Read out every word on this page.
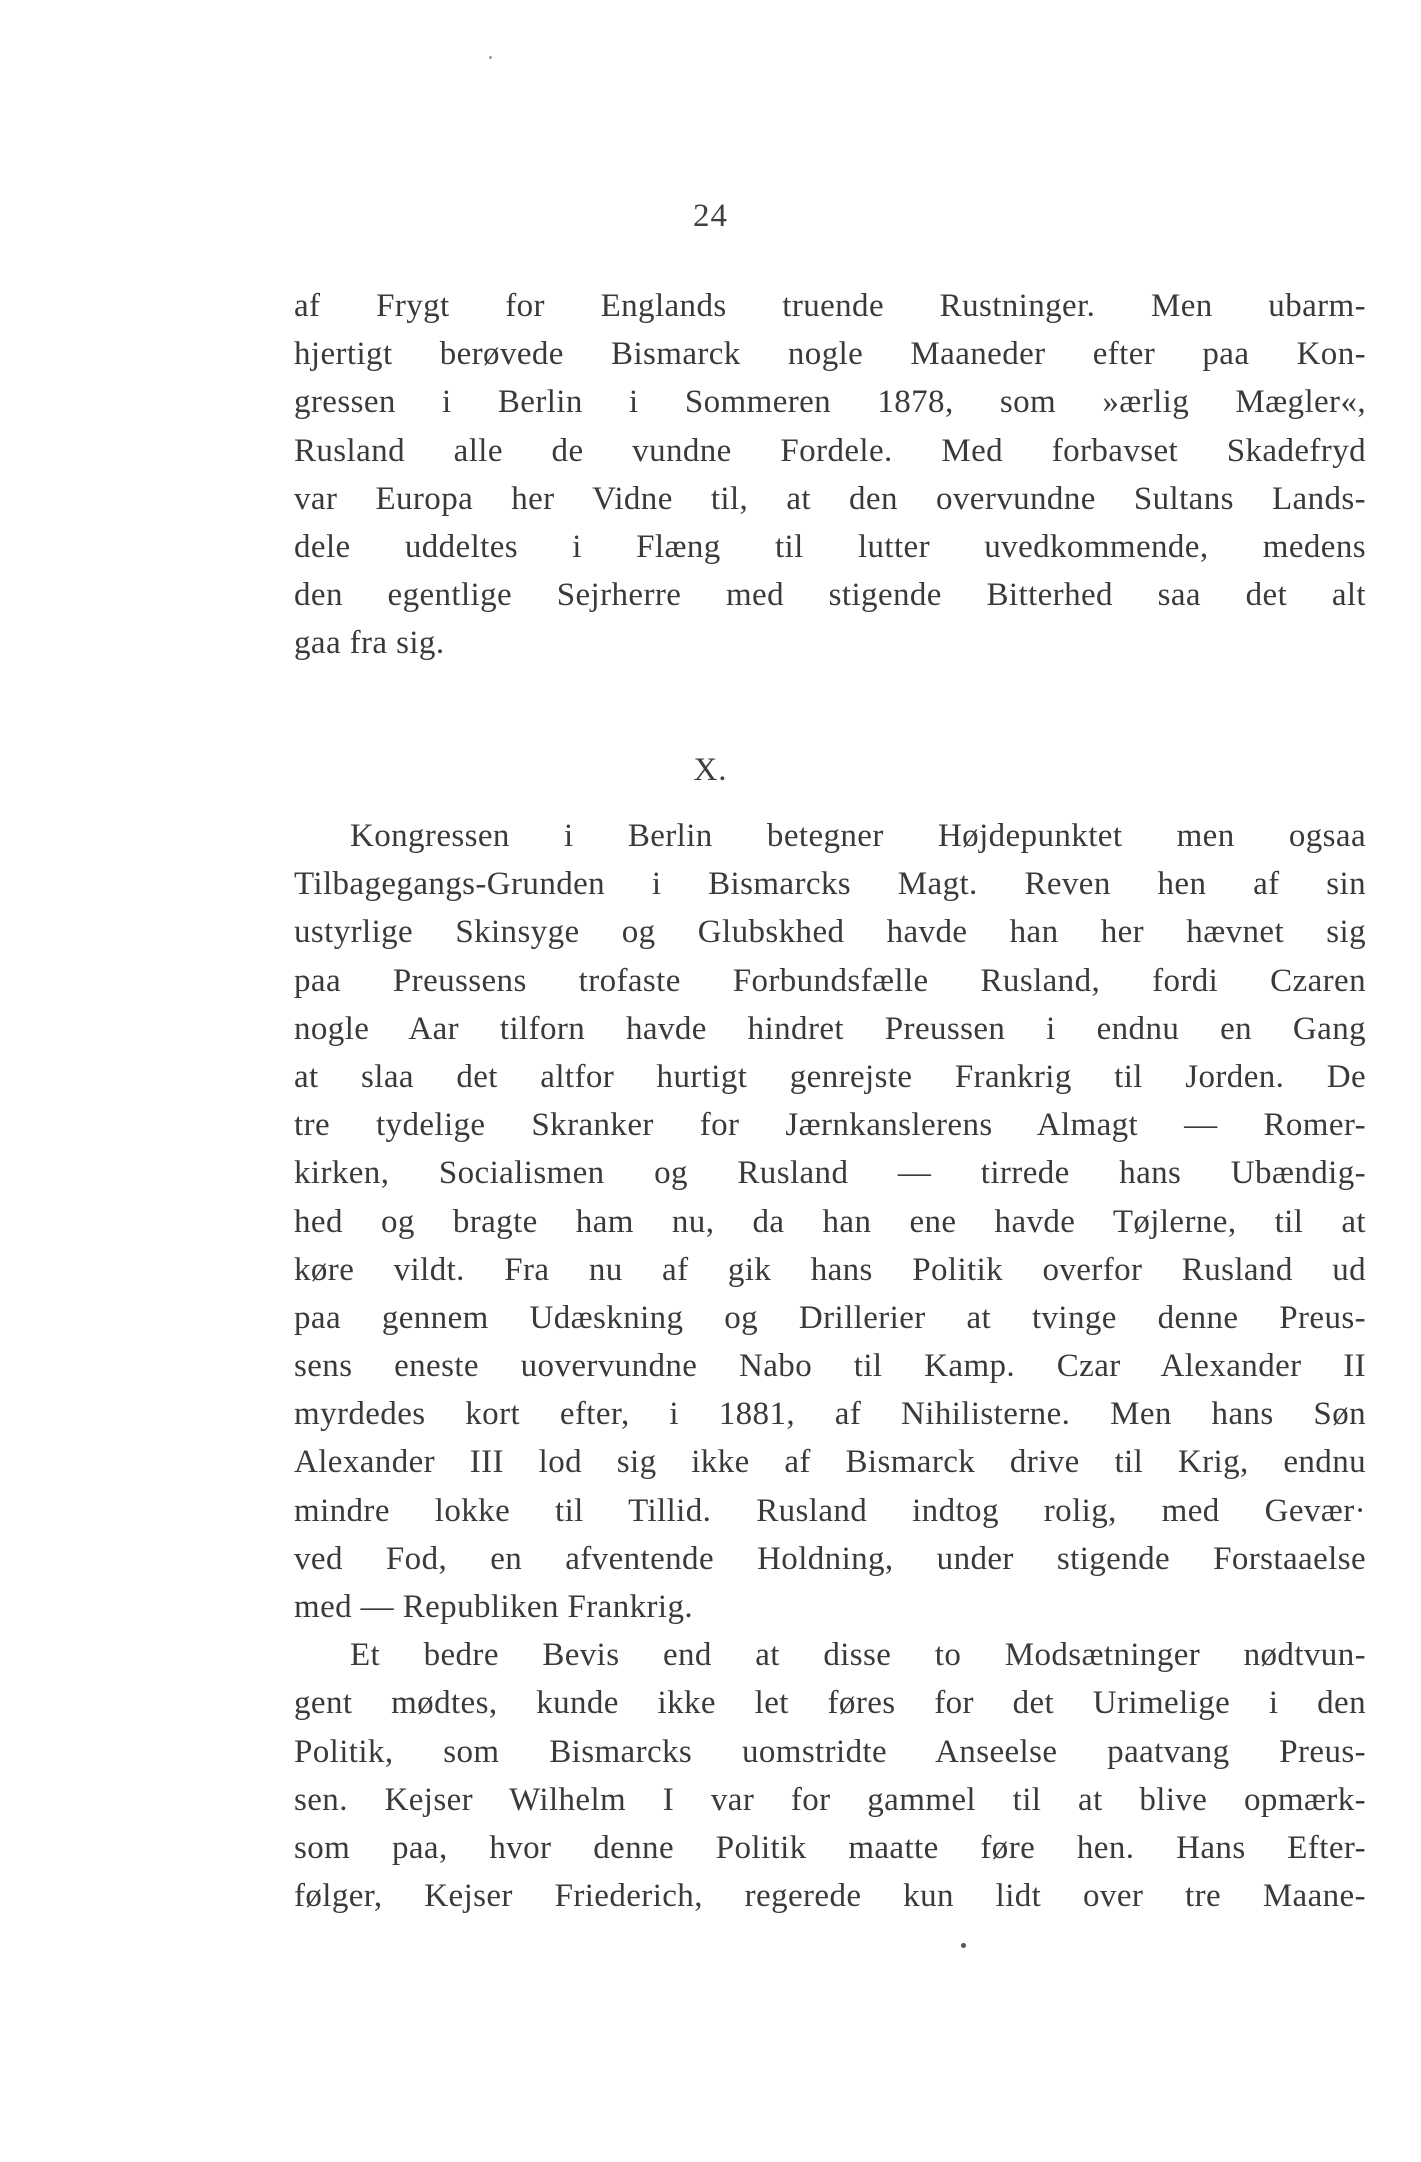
24
af Frygt for Englands truende Rustninger. Men ubarm-
hjertigt berøvede Bismarck nogle Maaneder efter paa Kon-
gressen i Berlin i Sommeren 1878, som »ærlig Mægler«,
Rusland alle de vundne Fordele. Med forbavset Skadefryd
var Europa her Vidne til, at den overvundne Sultans Lands-
dele uddeltes i Flæng til lutter uvedkommende, medens
den egentlige Sejrherre med stigende Bitterhed saa det alt
gaa fra sig.
X.
Kongressen i Berlin betegner Højdepunktet men ogsaa
Tilbagegangs-Grunden i Bismarcks Magt. Reven hen af sin
ustyrlige Skinsyge og Glubskhed havde han her hævnet sig
paa Preussens trofaste Forbundsfælle Rusland, fordi Czaren
nogle Aar tilforn havde hindret Preussen i endnu en Gang
at slaa det altfor hurtigt genrejste Frankrig til Jorden. De
tre tydelige Skranker for Jærnkanslerens Almagt — Romer-
kirken, Socialismen og Rusland — tirrede hans Ubændig-
hed og bragte ham nu, da han ene havde Tøjlerne, til at
køre vildt. Fra nu af gik hans Politik overfor Rusland ud
paa gennem Udæskning og Drillerier at tvinge denne Preus-
sens eneste uovervundne Nabo til Kamp. Czar Alexander II
myrdedes kort efter, i 1881, af Nihilisterne. Men hans Søn
Alexander III lod sig ikke af Bismarck drive til Krig, endnu
mindre lokke til Tillid. Rusland indtog rolig, med Gevær·
ved Fod, en afventende Holdning, under stigende Forstaaelse
med — Republiken Frankrig.
Et bedre Bevis end at disse to Modsætninger nødtvun-
gent mødtes, kunde ikke let føres for det Urimelige i den
Politik, som Bismarcks uomstridte Anseelse paatvang Preus-
sen. Kejser Wilhelm I var for gammel til at blive opmærk-
som paa, hvor denne Politik maatte føre hen. Hans Efter-
følger, Kejser Friederich, regerede kun lidt over tre Maane-
